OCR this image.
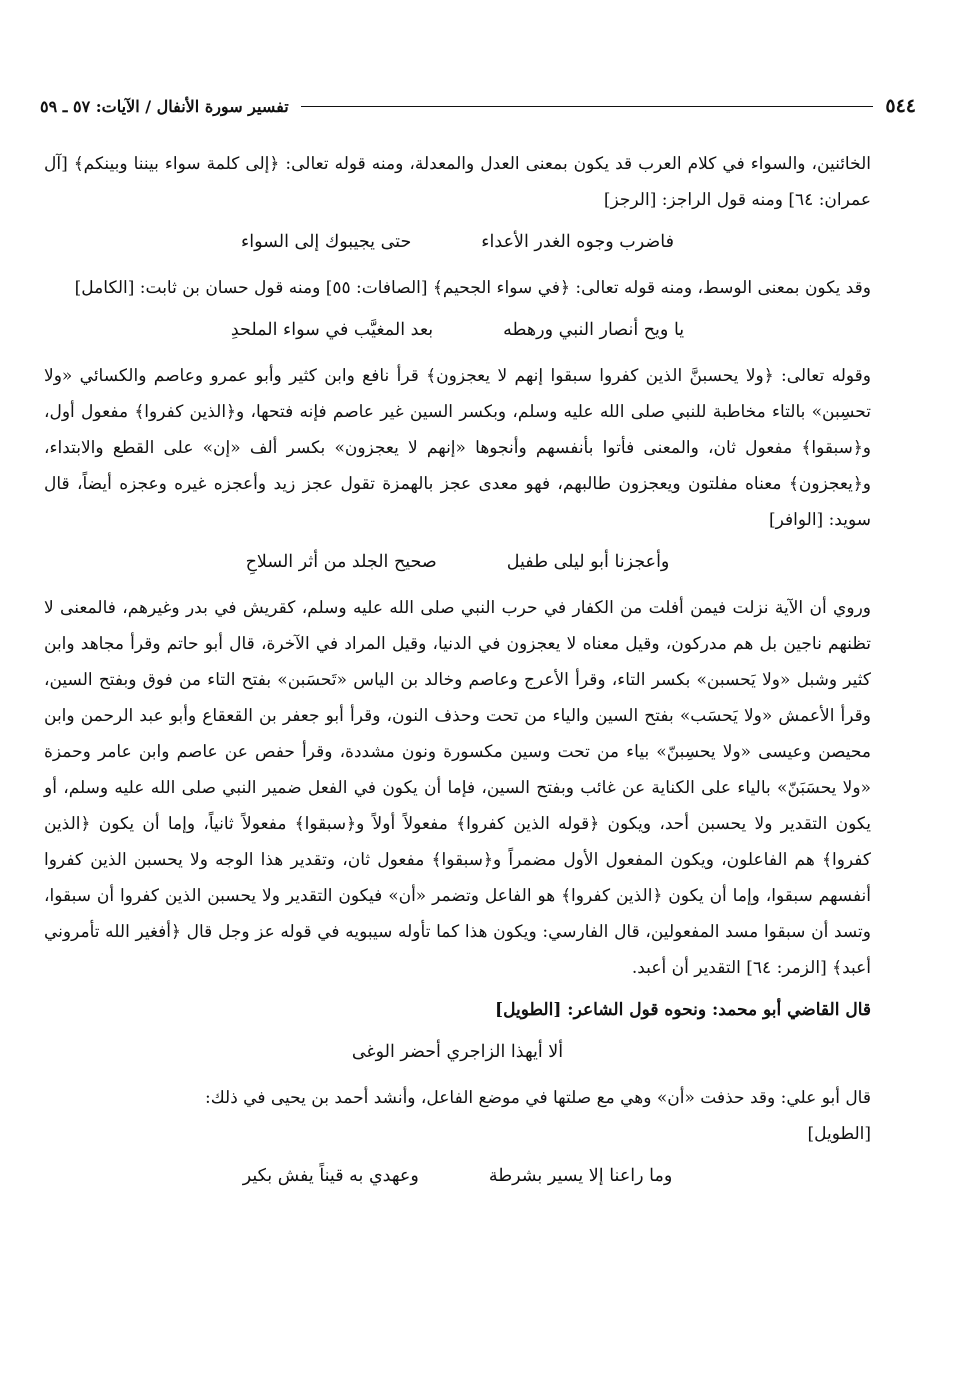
٥٤٤
تفسير سورة الأنفال / الآيات: ٥٧ ـ ٥٩

الخائنين، والسواء في كلام العرب قد يكون بمعنى العدل والمعدلة، ومنه قوله تعالى: ﴿إلى كلمة سواء بيننا وبينكم﴾ [آل عمران: ٦٤] ومنه قول الراجز: [الرجز]

فاضرب وجوه الغدر الأعداء
حتى يجيبوك إلى السواء

وقد يكون بمعنى الوسط، ومنه قوله تعالى: ﴿في سواء الجحيم﴾ [الصافات: ٥٥] ومنه قول حسان بن ثابت: [الكامل]

يا ويح أنصار النبي ورهطه
بعد المغيَّب في سواء الملحدِ

وقوله تعالى: ﴿ولا يحسبنَّ الذين كفروا سبقوا إنهم لا يعجزون﴾ قرأ نافع وابن كثير وأبو عمرو وعاصم والكسائي «ولا تحسِبن» بالتاء مخاطبة للنبي صلى الله عليه وسلم، وبكسر السين غير عاصم فإنه فتحها، و﴿الذين كفروا﴾ مفعول أول، و﴿سبقوا﴾ مفعول ثان، والمعنى فأتوا بأنفسهم وأنجوها «إنهم لا يعجزون» بكسر ألف «إن» على القطع والابتداء، و﴿يعجزون﴾ معناه مفلتون ويعجزون طالبهم، فهو معدى عجز بالهمزة تقول عجز زيد وأعجزه غيره وعجزه أيضاً، قال سويد: [الوافر]

وأعجزنا أبو ليلى طفيل
صحيح الجلد من أثر السلاحِ

وروي أن الآية نزلت فيمن أفلت من الكفار في حرب النبي صلى الله عليه وسلم، كقريش في بدر وغيرهم، فالمعنى لا تظنهم ناجين بل هم مدركون، وقيل معناه لا يعجزون في الدنيا، وقيل المراد في الآخرة، قال أبو حاتم وقرأ مجاهد وابن كثير وشبل «ولا يَحسبن» بكسر التاء، وقرأ الأعرج وعاصم وخالد بن الياس «تَحسَبن» بفتح التاء من فوق وبفتح السين، وقرأ الأعمش «ولا يَحسَب» بفتح السين والياء من تحت وحذف النون، وقرأ أبو جعفر بن القعقاع وأبو عبد الرحمن وابن محيصن وعيسى «ولا يحسِبنّ» بياء من تحت وسين مكسورة ونون مشددة، وقرأ حفص عن عاصم وابن عامر وحمزة «ولا يحسَبَنّ» بالياء على الكناية عن غائب وبفتح السين، فإما أن يكون في الفعل ضمير النبي صلى الله عليه وسلم، أو يكون التقدير ولا يحسبن أحد، ويكون ﴿قوله الذين كفروا﴾ مفعولاً أولاً و﴿سبقوا﴾ مفعولاً ثانياً، وإما أن يكون ﴿الذين كفروا﴾ هم الفاعلون، ويكون المفعول الأول مضمراً و﴿سبقوا﴾ مفعول ثان، وتقدير هذا الوجه ولا يحسبن الذين كفروا أنفسهم سبقوا، وإما أن يكون ﴿الذين كفروا﴾ هو الفاعل وتضمر «أن» فيكون التقدير ولا يحسبن الذين كفروا أن سبقوا، وتسد أن سبقوا مسد المفعولين، قال الفارسي: ويكون هذا كما تأوله سيبويه في قوله عز وجل قال ﴿أفغير الله تأمروني أعبد﴾ [الزمر: ٦٤] التقدير أن أعبد.

قال القاضي أبو محمد: ونحوه قول الشاعر: [الطويل]

ألا أيهذا الزاجري أحضر الوغى

قال أبو علي: وقد حذفت «أن» وهي مع صلتها في موضع الفاعل، وأنشد أحمد بن يحيى في ذلك:

[الطويل]
وما راعنا إلا يسير بشرطة
وعهدي به قيناً يفش بكير
